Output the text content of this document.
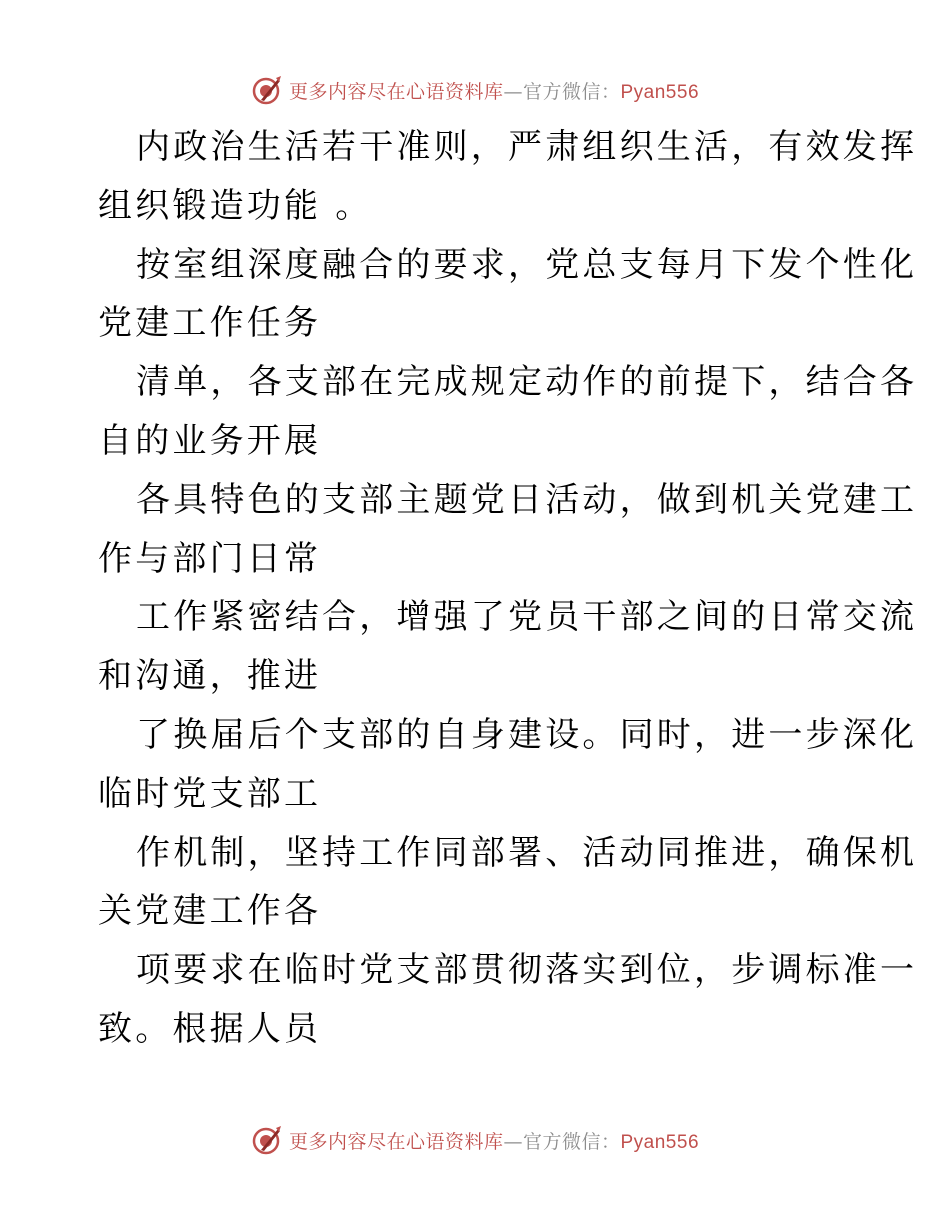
更多内容尽在心语资料库—官方微信：Pyan556
内政治生活若干准则，严肃组织生活，有效发挥
组织锻造功能 。
按室组深度融合的要求，党总支每月下发个性化
党建工作任务
清单，各支部在完成规定动作的前提下，结合各
自的业务开展
各具特色的支部主题党日活动，做到机关党建工
作与部门日常
工作紧密结合，增强了党员干部之间的日常交流
和沟通，推进
了换届后个支部的自身建设。同时，进一步深化
临时党支部工
作机制，坚持工作同部署、活动同推进，确保机
关党建工作各
项要求在临时党支部贯彻落实到位，步调标准一
致。根据人员
更多内容尽在心语资料库—官方微信：Pyan556
